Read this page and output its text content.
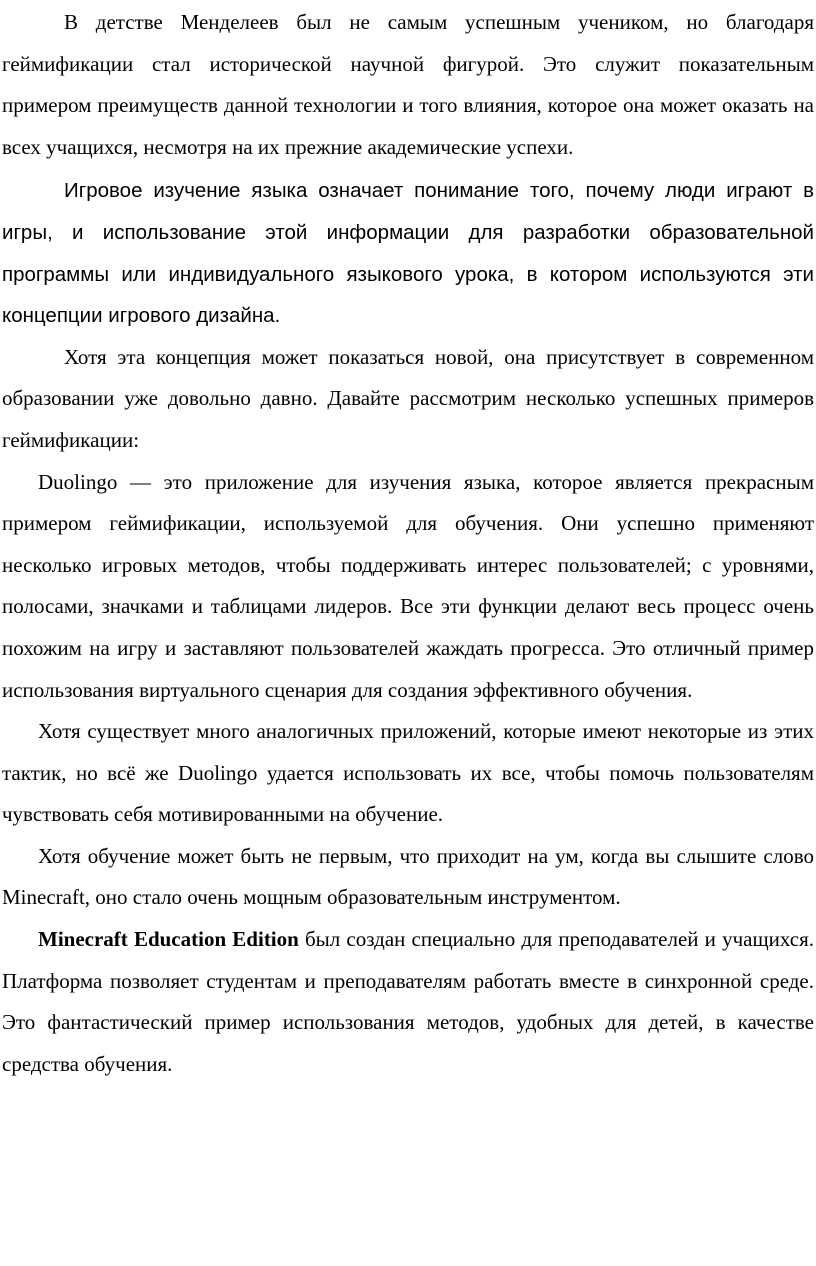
В детстве Менделеев был не самым успешным учеником, но благодаря геймификации стал исторической научной фигурой. Это служит показательным примером преимуществ данной технологии и того влияния, которое она может оказать на всех учащихся, несмотря на их прежние академические успехи.

Игровое изучение языка означает понимание того, почему люди играют в игры, и использование этой информации для разработки образовательной программы или индивидуального языкового урока, в котором используются эти концепции игрового дизайна.

Хотя эта концепция может показаться новой, она присутствует в современном образовании уже довольно давно. Давайте рассмотрим несколько успешных примеров геймификации:

Duolingo — это приложение для изучения языка, которое является прекрасным примером геймификации, используемой для обучения. Они успешно применяют несколько игровых методов, чтобы поддерживать интерес пользователей; с уровнями, полосами, значками и таблицами лидеров. Все эти функции делают весь процесс очень похожим на игру и заставляют пользователей жаждать прогресса. Это отличный пример использования виртуального сценария для создания эффективного обучения.

Хотя существует много аналогичных приложений, которые имеют некоторые из этих тактик, но всё же Duolingo удается использовать их все, чтобы помочь пользователям чувствовать себя мотивированными на обучение.

Хотя обучение может быть не первым, что приходит на ум, когда вы слышите слово Minecraft, оно стало очень мощным образовательным инструментом.

Minecraft Education Edition был создан специально для преподавателей и учащихся. Платформа позволяет студентам и преподавателям работать вместе в синхронной среде. Это фантастический пример использования методов, удобных для детей, в качестве средства обучения.
